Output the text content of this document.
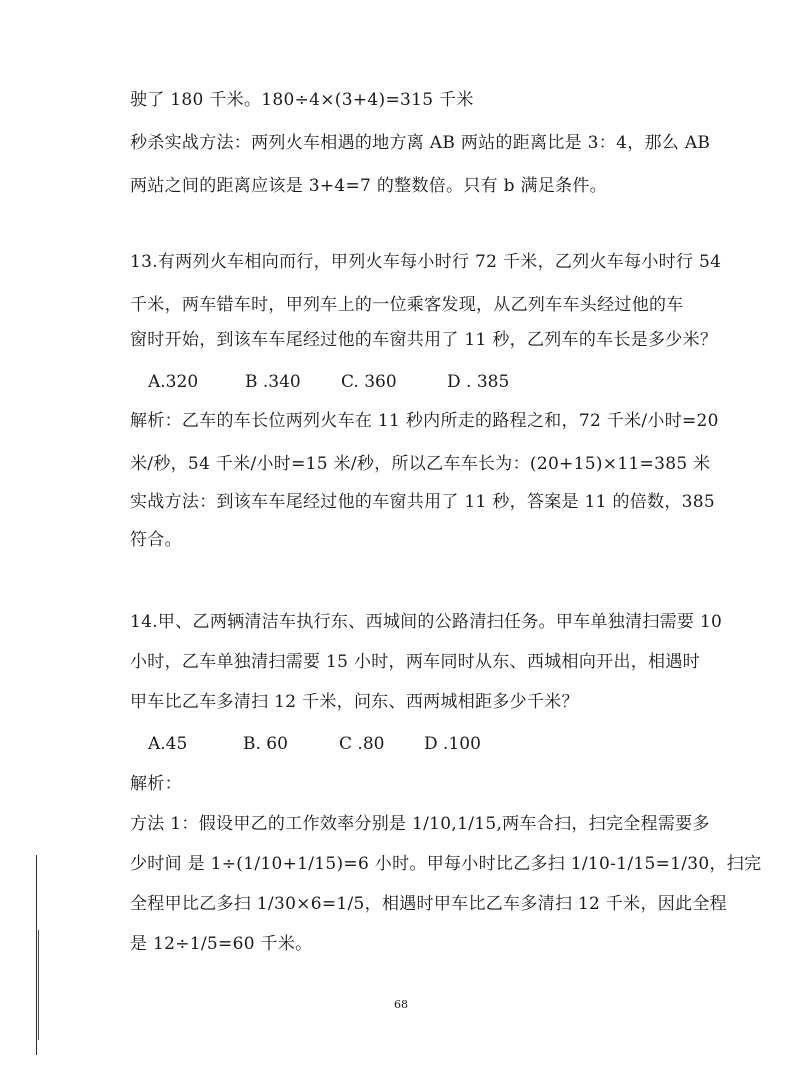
驶了 180 千米。180÷4×(3+4)=315 千米
秒杀实战方法：两列火车相遇的地方离 AB 两站的距离比是 3：4，那么 AB
两站之间的距离应该是 3+4=7 的整数倍。只有 b 满足条件。
13.有两列火车相向而行，甲列火车每小时行 72 千米，乙列火车每小时行 54
千米，两车错车时，甲列车上的一位乘客发现，从乙列车车头经过他的车
窗时开始，到该车车尾经过他的车窗共用了 11 秒，乙列车的车长是多少米？
A.320	B .340 C. 360	D . 385
解析：乙车的车长位两列火车在 11 秒内所走的路程之和，72 千米/小时=20
米/秒，54 千米/小时=15 米/秒，所以乙车车长为：(20+15)×11=385 米
实战方法：到该车车尾经过他的车窗共用了 11 秒，答案是 11 的倍数，385
符合。
14.甲、乙两辆清洁车执行东、西城间的公路清扫任务。甲车单独清扫需要 10
小时，乙车单独清扫需要 15 小时，两车同时从东、西城相向开出，相遇时
甲车比乙车多清扫 12 千米，问东、西两城相距多少千米？
A.45	B. 60	C .80 D .100
解析：
方法 1：假设甲乙的工作效率分别是 1/10,1/15,两车合扫，扫完全程需要多
少时间 是 1÷(1/10+1/15)=6 小时。甲每小时比乙多扫 1/10-1/15=1/30，扫完
全程甲比乙多扫 1/30×6=1/5，相遇时甲车比乙车多清扫 12 千米，因此全程
是 12÷1/5=60 千米。
68
